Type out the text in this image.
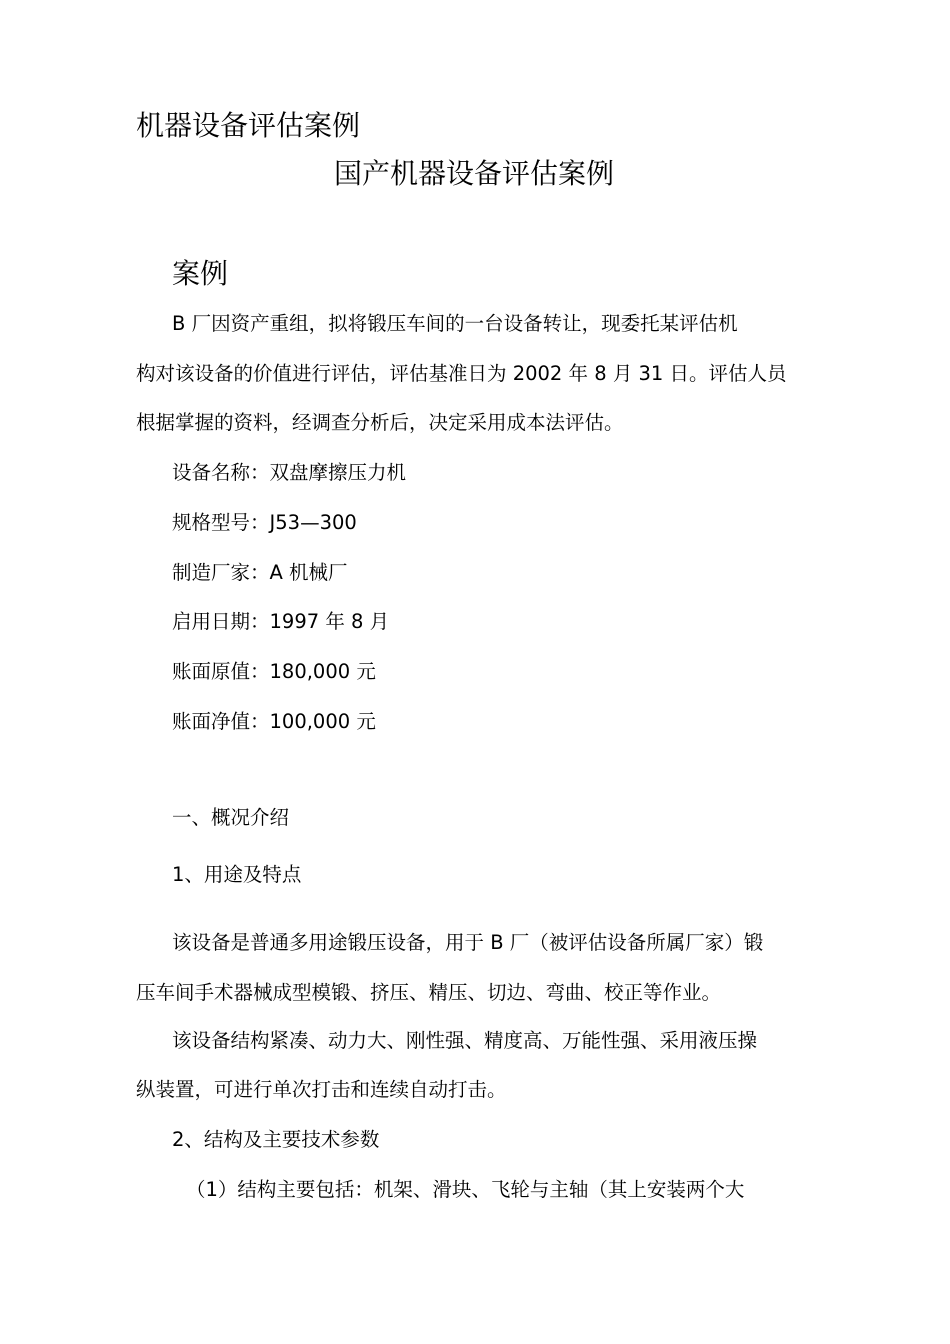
机器设备评估案例
国产机器设备评估案例
案例
B 厂因资产重组，拟将锻压车间的一台设备转让，现委托某评估机
构对该设备的价值进行评估，评估基准日为 2002 年 8 月 31 日。评估人员
根据掌握的资料，经调查分析后，决定采用成本法评估。
设备名称：双盘摩擦压力机
规格型号：J53—300
制造厂家：A 机械厂
启用日期：1997 年 8 月
账面原值：180,000 元
账面净值：100,000 元
一、概况介绍
1、用途及特点
该设备是普通多用途锻压设备，用于 B 厂（被评估设备所属厂家）锻
压车间手术器械成型模锻、挤压、精压、切边、弯曲、校正等作业。
该设备结构紧凑、动力大、刚性强、精度高、万能性强、采用液压操
纵装置，可进行单次打击和连续自动打击。
2、结构及主要技术参数
（1）结构主要包括：机架、滑块、飞轮与主轴（其上安装两个大
